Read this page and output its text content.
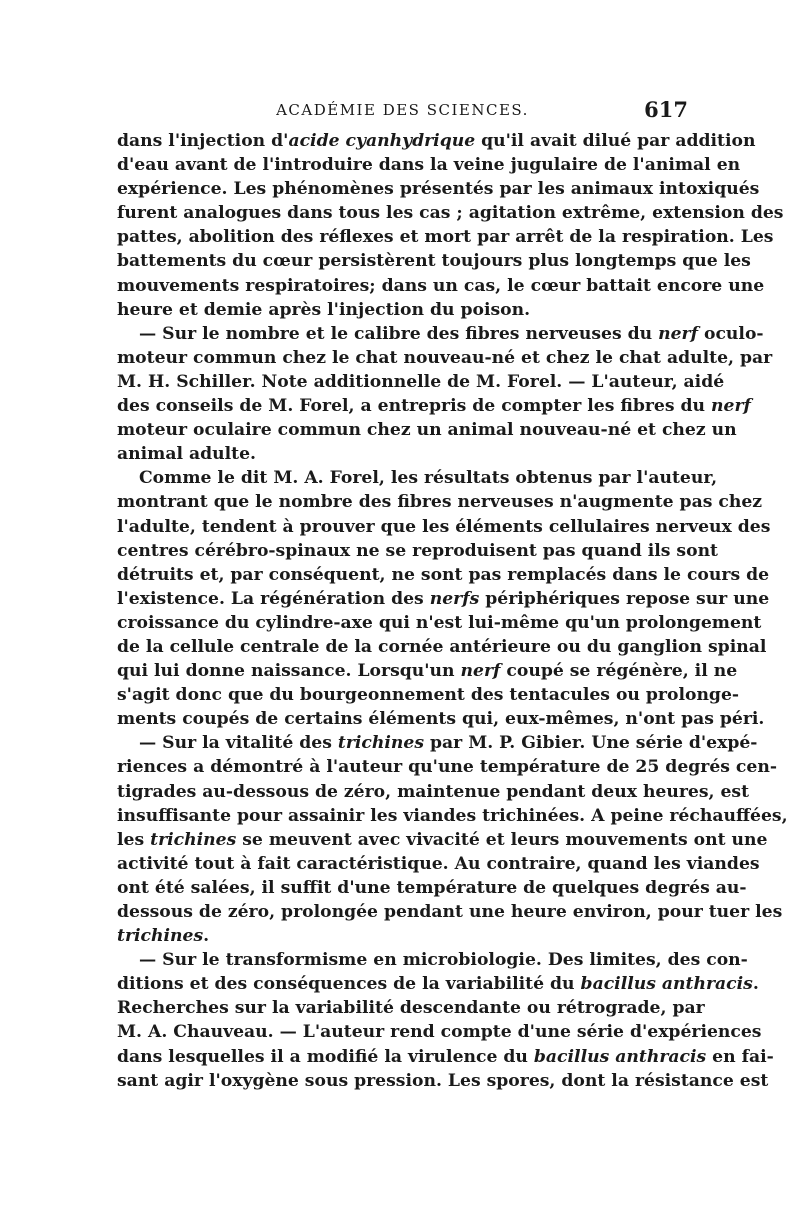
ACADÉMIE DES SCIENCES.	617
dans l'injection d'acide cyanhydrique qu'il avait dilué par addition
d'eau avant de l'introduire dans la veine jugulaire de l'animal en
expérience. Les phénomènes présentés par les animaux intoxiqués
furent analogues dans tous les cas ; agitation extrême, extension des
pattes, abolition des réflexes et mort par arrêt de la respiration. Les
battements du cœur persistèrent toujours plus longtemps que les
mouvements respiratoires; dans un cas, le cœur battait encore une
heure et demie après l'injection du poison.
— Sur le nombre et le calibre des fibres nerveuses du nerf oculo-
moteur commun chez le chat nouveau-né et chez le chat adulte, par
M. H. Schiller. Note additionnelle de M. Forel. — L'auteur, aidé
des conseils de M. Forel, a entrepris de compter les fibres du nerf
moteur oculaire commun chez un animal nouveau-né et chez un
animal adulte.
Comme le dit M. A. Forel, les résultats obtenus par l'auteur,
montrant que le nombre des fibres nerveuses n'augmente pas chez
l'adulte, tendent à prouver que les éléments cellulaires nerveux des
centres cérébro-spinaux ne se reproduisent pas quand ils sont
détruits et, par conséquent, ne sont pas remplacés dans le cours de
l'existence. La régénération des nerfs périphériques repose sur une
croissance du cylindre-axe qui n'est lui-même qu'un prolongement
de la cellule centrale de la cornée antérieure ou du ganglion spinal
qui lui donne naissance. Lorsqu'un nerf coupé se régénère, il ne
s'agit donc que du bourgeonnement des tentacules ou prolonge-
ments coupés de certains éléments qui, eux-mêmes, n'ont pas péri.
— Sur la vitalité des trichines par M. P. Gibier. Une série d'expé-
riences a démontré à l'auteur qu'une température de 25 degrés cen-
tigrades au-dessous de zéro, maintenue pendant deux heures, est
insuffisante pour assainir les viandes trichinées. A peine réchauffées,
les trichines se meuvent avec vivacité et leurs mouvements ont une
activité tout à fait caractéristique. Au contraire, quand les viandes
ont été salées, il suffit d'une température de quelques degrés au-
dessous de zéro, prolongée pendant une heure environ, pour tuer les
trichines.
— Sur le transformisme en microbiologie. Des limites, des con-
ditions et des conséquences de la variabilité du bacillus anthracis.
Recherches sur la variabilité descendante ou rétrograde, par
M. A. Chauveau. — L'auteur rend compte d'une série d'expériences
dans lesquelles il a modifié la virulence du bacillus anthracis en fai-
sant agir l'oxygène sous pression. Les spores, dont la résistance est
